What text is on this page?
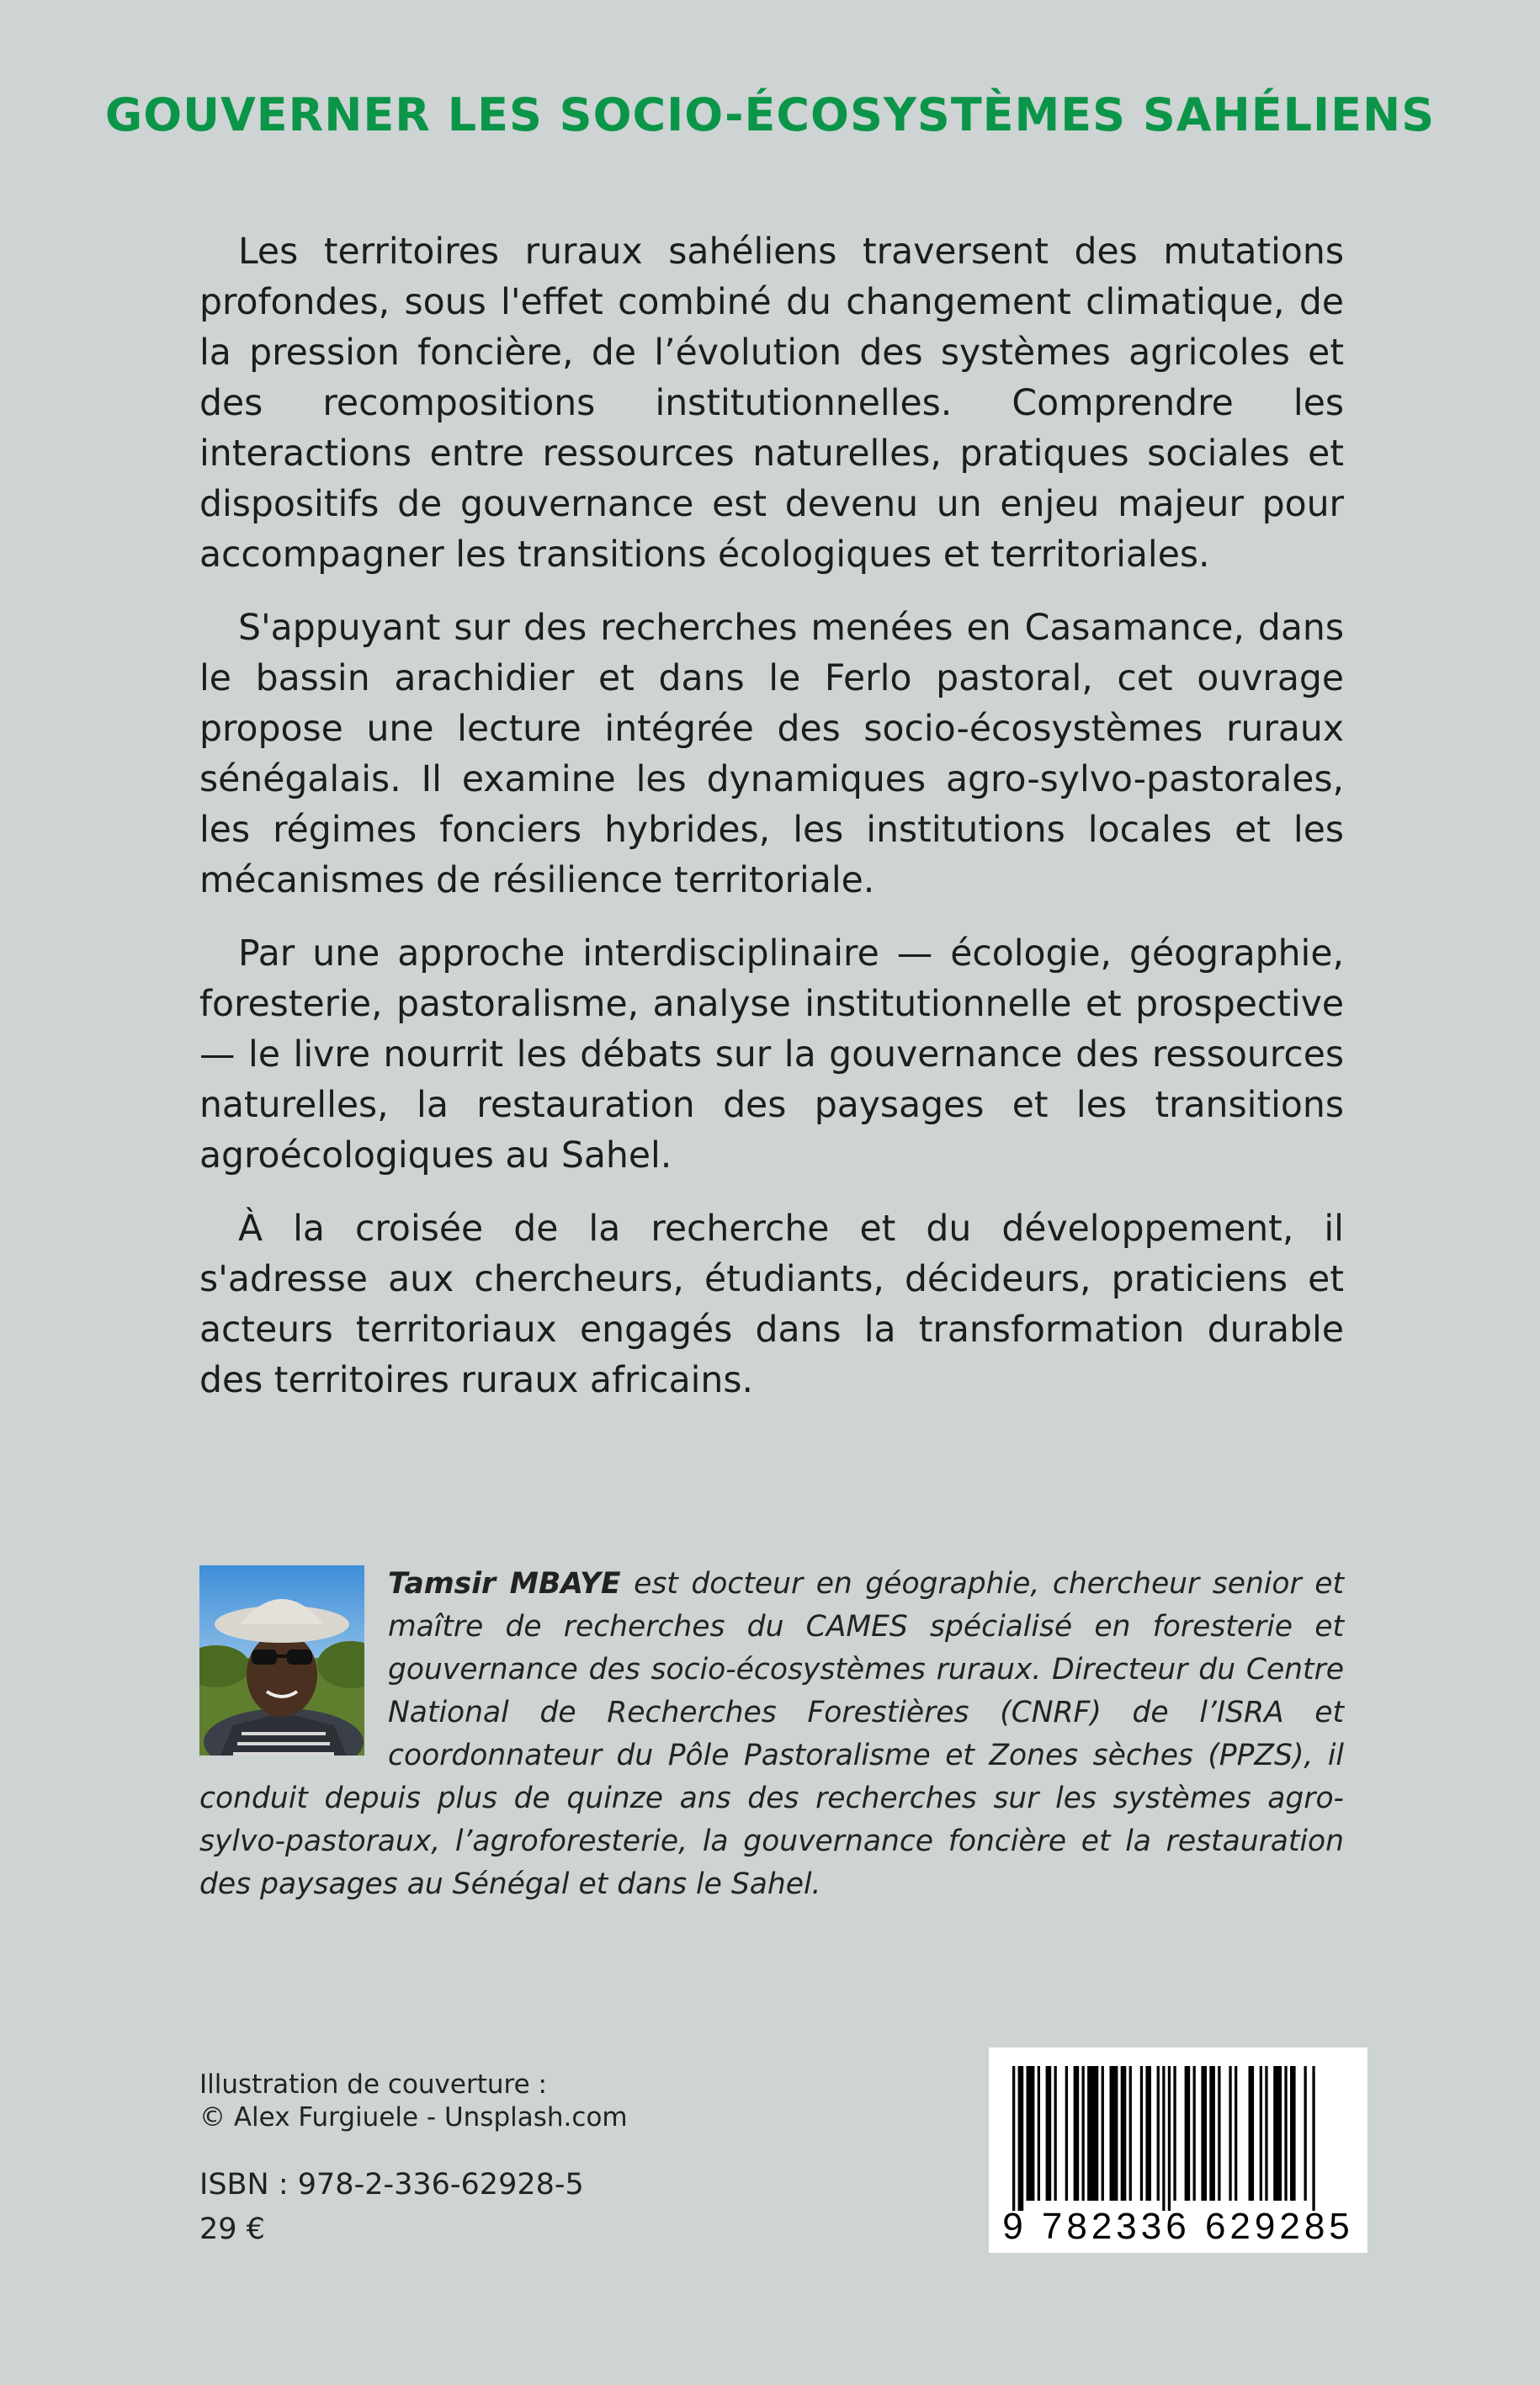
GOUVERNER LES SOCIO-ÉCOSYSTÈMES SAHÉLIENS

Les territoires ruraux sahéliens traversent des mutations profondes, sous l'effet combiné du changement climatique, de la pression foncière, de l’évolution des systèmes agricoles et des recompositions institutionnelles. Comprendre les interactions entre ressources naturelles, pratiques sociales et dispositifs de gouvernance est devenu un enjeu majeur pour accompagner les transitions écologiques et territoriales.

S'appuyant sur des recherches menées en Casamance, dans le bassin arachidier et dans le Ferlo pastoral, cet ouvrage propose une lecture intégrée des socio-écosystèmes ruraux sénégalais. Il examine les dynamiques agro-sylvo-pastorales, les régimes fonciers hybrides, les institutions locales et les mécanismes de résilience territoriale.

Par une approche interdisciplinaire — écologie, géographie, foresterie, pastoralisme, analyse institutionnelle et prospective — le livre nourrit les débats sur la gouvernance des ressources naturelles, la restauration des paysages et les transitions agroécologiques au Sahel.

À la croisée de la recherche et du développement, il s'adresse aux chercheurs, étudiants, décideurs, praticiens et acteurs territoriaux engagés dans la transformation durable des territoires ruraux africains.

Tamsir MBAYE est docteur en géographie, chercheur senior et maître de recherches du CAMES spécialisé en foresterie et gouvernance des socio-écosystèmes ruraux. Directeur du Centre National de Recherches Forestières (CNRF) de l’ISRA et coordonnateur du Pôle Pastoralisme et Zones sèches (PPZS), il conduit depuis plus de quinze ans des recherches sur les systèmes agro-sylvo-pastoraux, l’agroforesterie, la gouvernance foncière et la restauration des paysages au Sénégal et dans le Sahel.
Illustration de couverture :
© Alex Furgiuele - Unsplash.com
ISBN : 978-2-336-62928-5
29 €	9 782336 629285
